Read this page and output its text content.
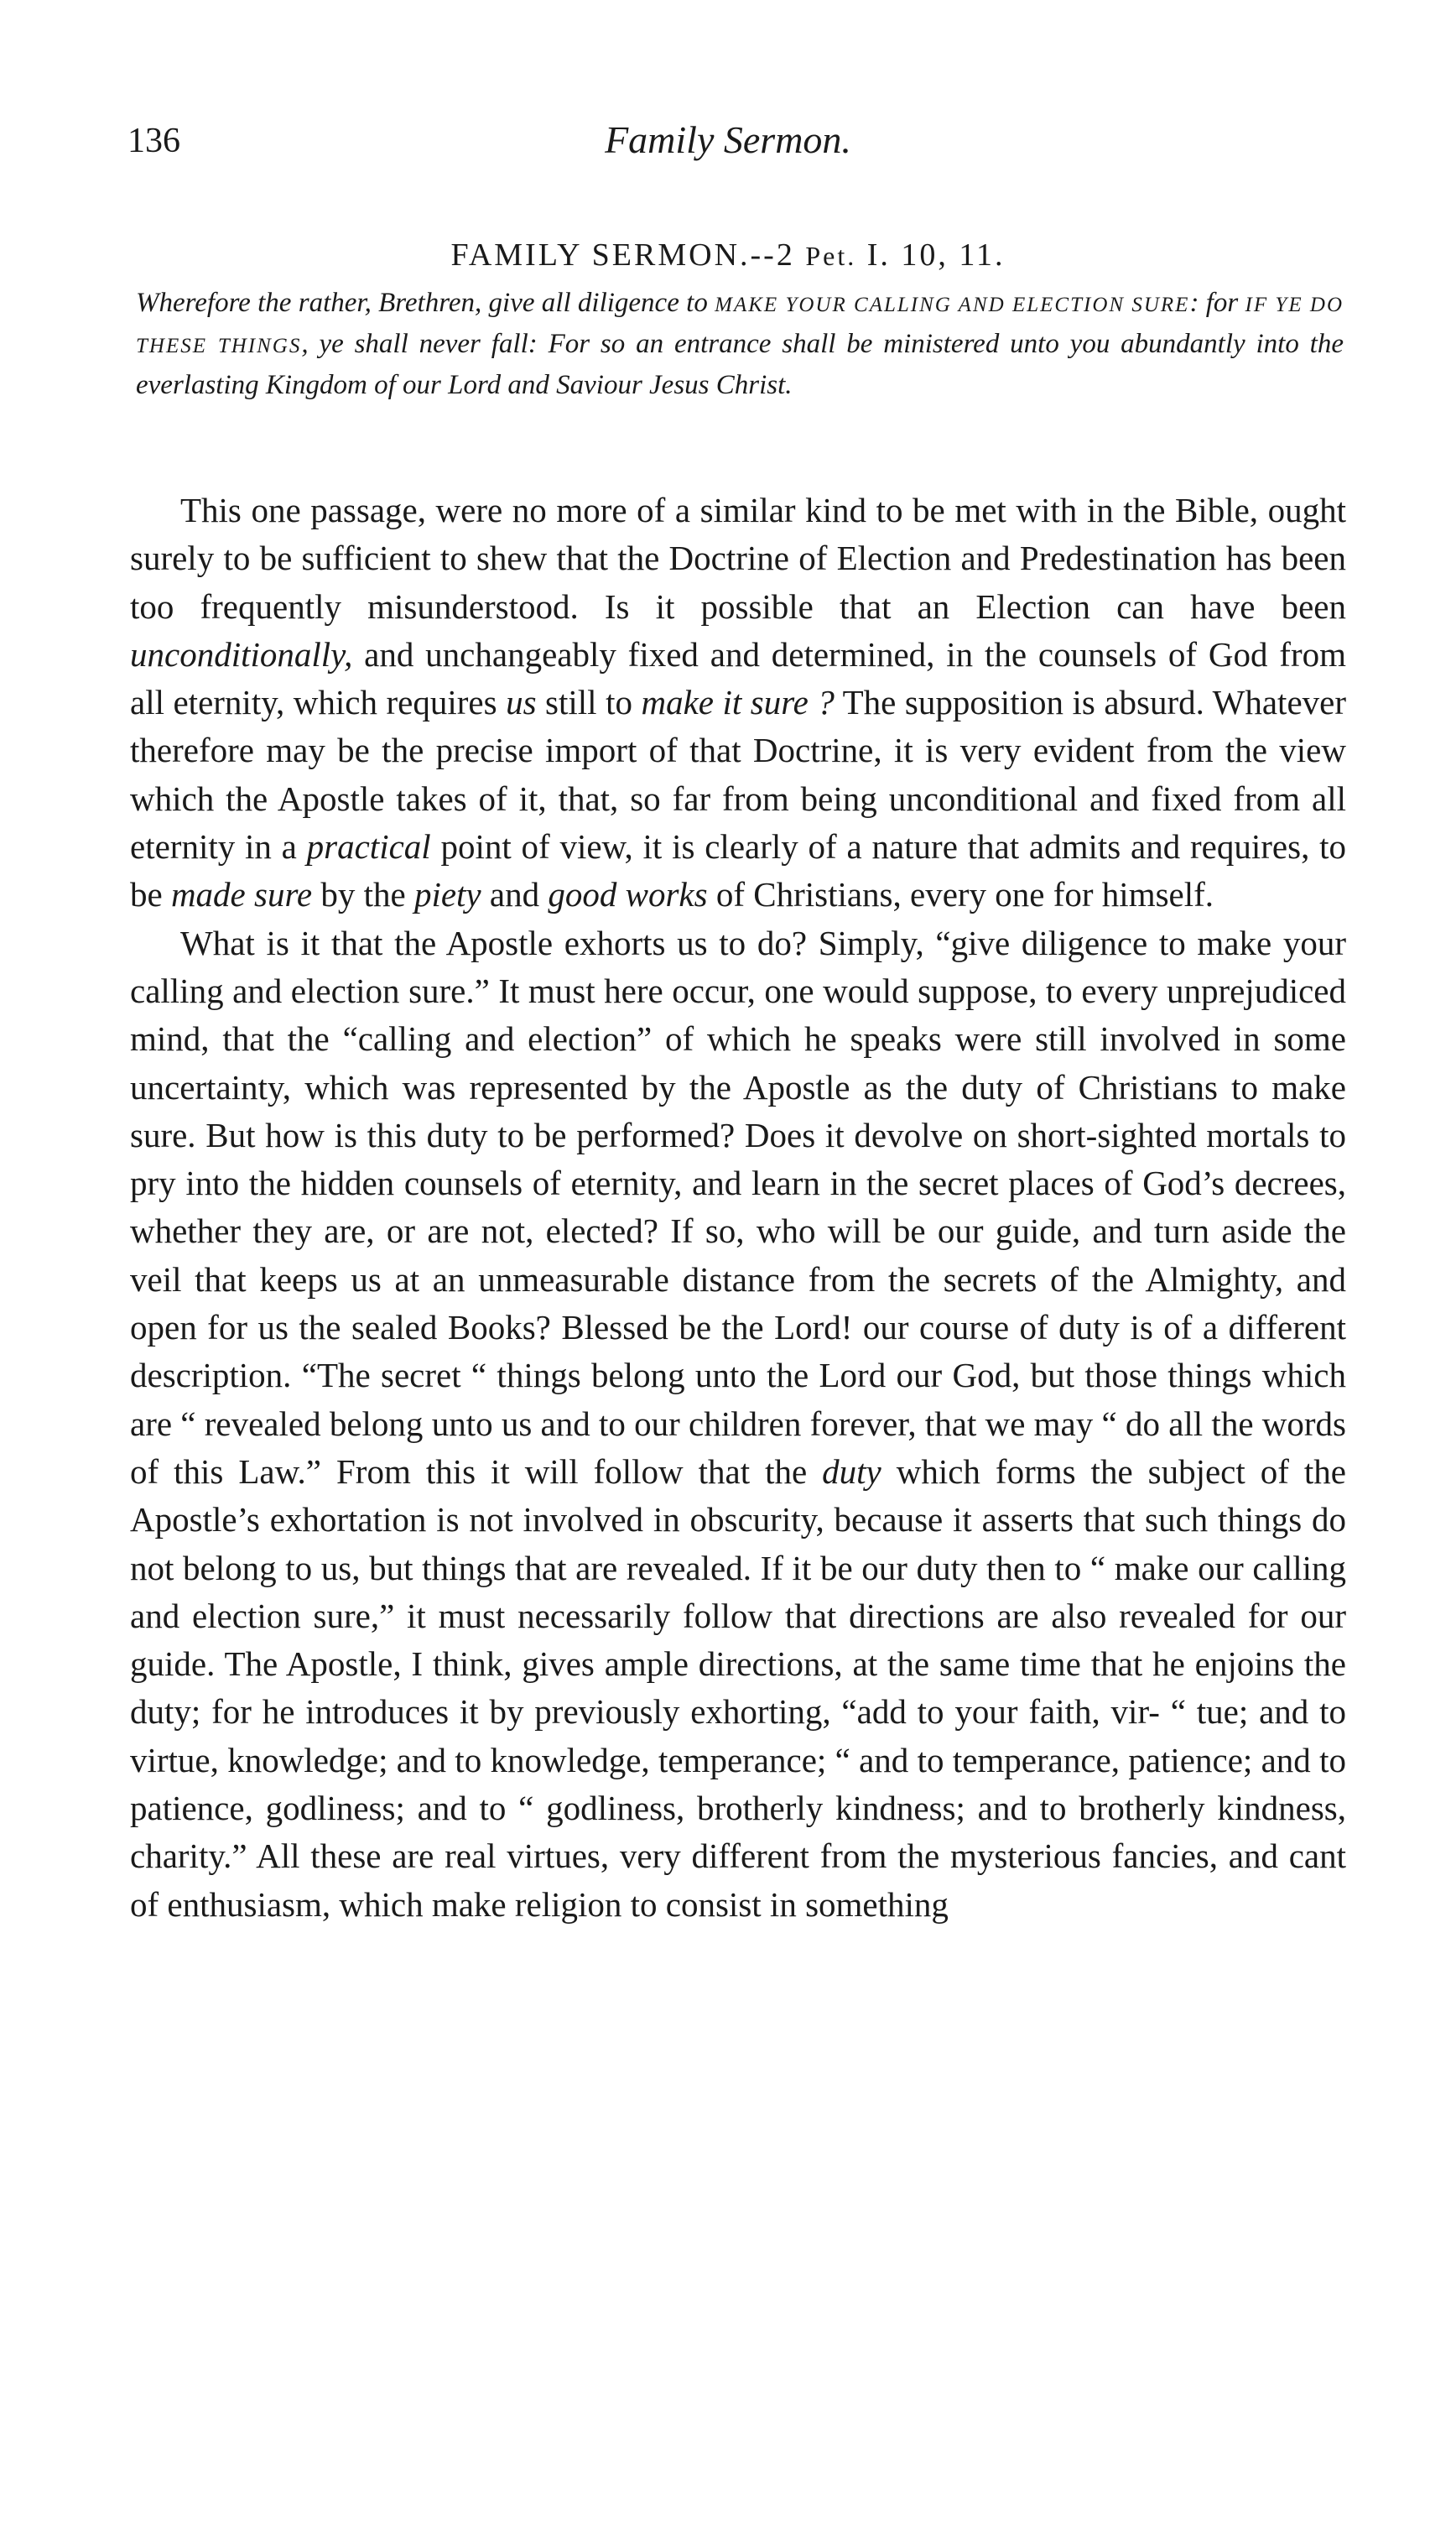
136	Family Sermon.
FAMILY SERMON.--2 Pet. I. 10, 11.
Wherefore the rather, Brethren, give all diligence to MAKE YOUR CALLING AND ELECTION SURE: for IF YE DO THESE THINGS, ye shall never fall: For so an entrance shall be ministered unto you abundantly into the everlasting Kingdom of our Lord and Saviour Jesus Christ.

This one passage, were no more of a similar kind to be met with in the Bible, ought surely to be sufficient to shew that the Doctrine of Election and Predestination has been too frequently misunderstood. Is it possible that an Election can have been unconditionally, and unchangeably fixed and determined, in the counsels of God from all eternity, which requires us still to make it sure ? The supposition is absurd. Whatever therefore may be the precise import of that Doctrine, it is very evident from the view which the Apostle takes of it, that, so far from being unconditional and fixed from all eternity in a practical point of view, it is clearly of a nature that admits and requires, to be made sure by the piety and good works of Christians, every one for himself.

What is it that the Apostle exhorts us to do? Simply, “give diligence to make your calling and election sure.” It must here occur, one would suppose, to every unprejudiced mind, that the “calling and election” of which he speaks were still involved in some uncertainty, which was represented by the Apostle as the duty of Christians to make sure. But how is this duty to be performed? Does it devolve on short-sighted mortals to pry into the hidden counsels of eternity, and learn in the secret places of God’s decrees, whether they are, or are not, elected? If so, who will be our guide, and turn aside the veil that keeps us at an unmeasurable distance from the secrets of the Almighty, and open for us the sealed Books? Blessed be the Lord! our course of duty is of a different description. “The secret “ things belong unto the Lord our God, but those things which are “ revealed belong unto us and to our children forever, that we may “ do all the words of this Law.” From this it will follow that the duty which forms the subject of the Apostle’s exhortation is not involved in obscurity, because it asserts that such things do not belong to us, but things that are revealed. If it be our duty then to “ make our calling and election sure,” it must necessarily follow that directions are also revealed for our guide. The Apostle, I think, gives ample directions, at the same time that he enjoins the duty; for he introduces it by previously exhorting, “add to your faith, vir- “ tue; and to virtue, knowledge; and to knowledge, temperance; “ and to temperance, patience; and to patience, godliness; and to “ godliness, brotherly kindness; and to brotherly kindness, charity.” All these are real virtues, very different from the mysterious fancies, and cant of enthusiasm, which make religion to consist in something
